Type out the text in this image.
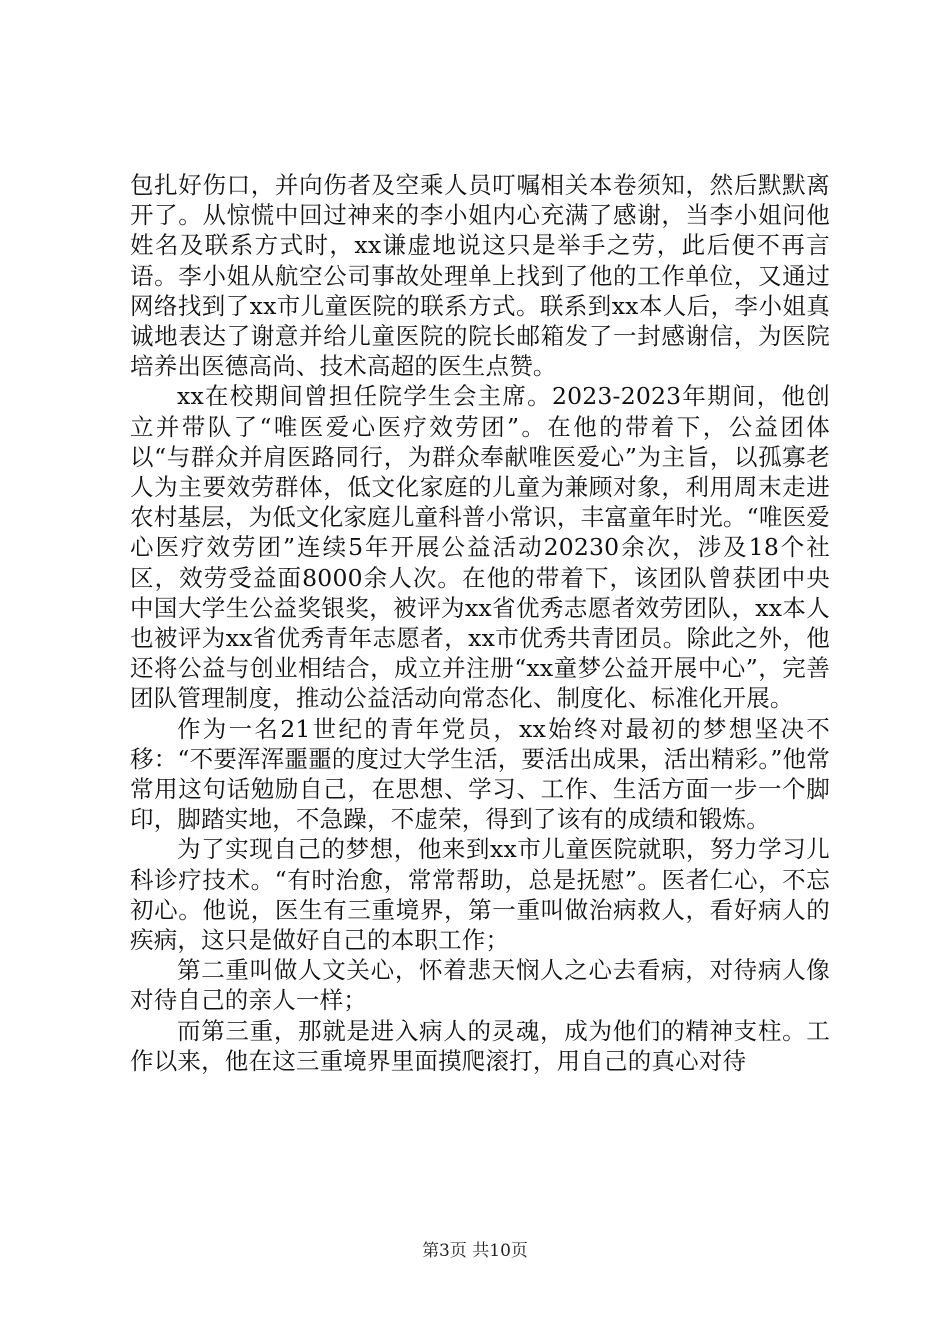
包扎好伤口，并向伤者及空乘人员叮嘱相关本卷须知，然后默默离开了。从惊慌中回过神来的李小姐内心充满了感谢，当李小姐问他姓名及联系方式时，xx谦虚地说这只是举手之劳，此后便不再言语。李小姐从航空公司事故处理单上找到了他的工作单位，又通过网络找到了xx市儿童医院的联系方式。联系到xx本人后，李小姐真诚地表达了谢意并给儿童医院的院长邮箱发了一封感谢信，为医院培养出医德高尚、技术高超的医生点赞。

xx在校期间曾担任院学生会主席。2023-2023年期间，他创立并带队了“唯医爱心医疗效劳团”。在他的带着下，公益团体以“与群众并肩医路同行，为群众奉献唯医爱心”为主旨，以孤寡老人为主要效劳群体，低文化家庭的儿童为兼顾对象，利用周末走进农村基层，为低文化家庭儿童科普小常识，丰富童年时光。“唯医爱心医疗效劳团”连续5年开展公益活动20230余次，涉及18个社区，效劳受益面8000余人次。在他的带着下，该团队曾获团中央中国大学生公益奖银奖，被评为xx省优秀志愿者效劳团队，xx本人也被评为xx省优秀青年志愿者，xx市优秀共青团员。除此之外，他还将公益与创业相结合，成立并注册“xx童梦公益开展中心”，完善团队管理制度，推动公益活动向常态化、制度化、标准化开展。

作为一名21世纪的青年党员，xx始终对最初的梦想坚决不移：“不要浑浑噩噩的度过大学生活，要活出成果，活出精彩。”他常常用这句话勉励自己，在思想、学习、工作、生活方面一步一个脚印，脚踏实地，不急躁，不虚荣，得到了该有的成绩和锻炼。

为了实现自己的梦想，他来到xx市儿童医院就职，努力学习儿科诊疗技术。“有时治愈，常常帮助，总是抚慰”。医者仁心，不忘初心。他说，医生有三重境界，第一重叫做治病救人，看好病人的疾病，这只是做好自己的本职工作；

第二重叫做人文关心，怀着悲天悯人之心去看病，对待病人像对待自己的亲人一样；

而第三重，那就是进入病人的灵魂，成为他们的精神支柱。工作以来，他在这三重境界里面摸爬滚打，用自己的真心对待

第3页 共10页
